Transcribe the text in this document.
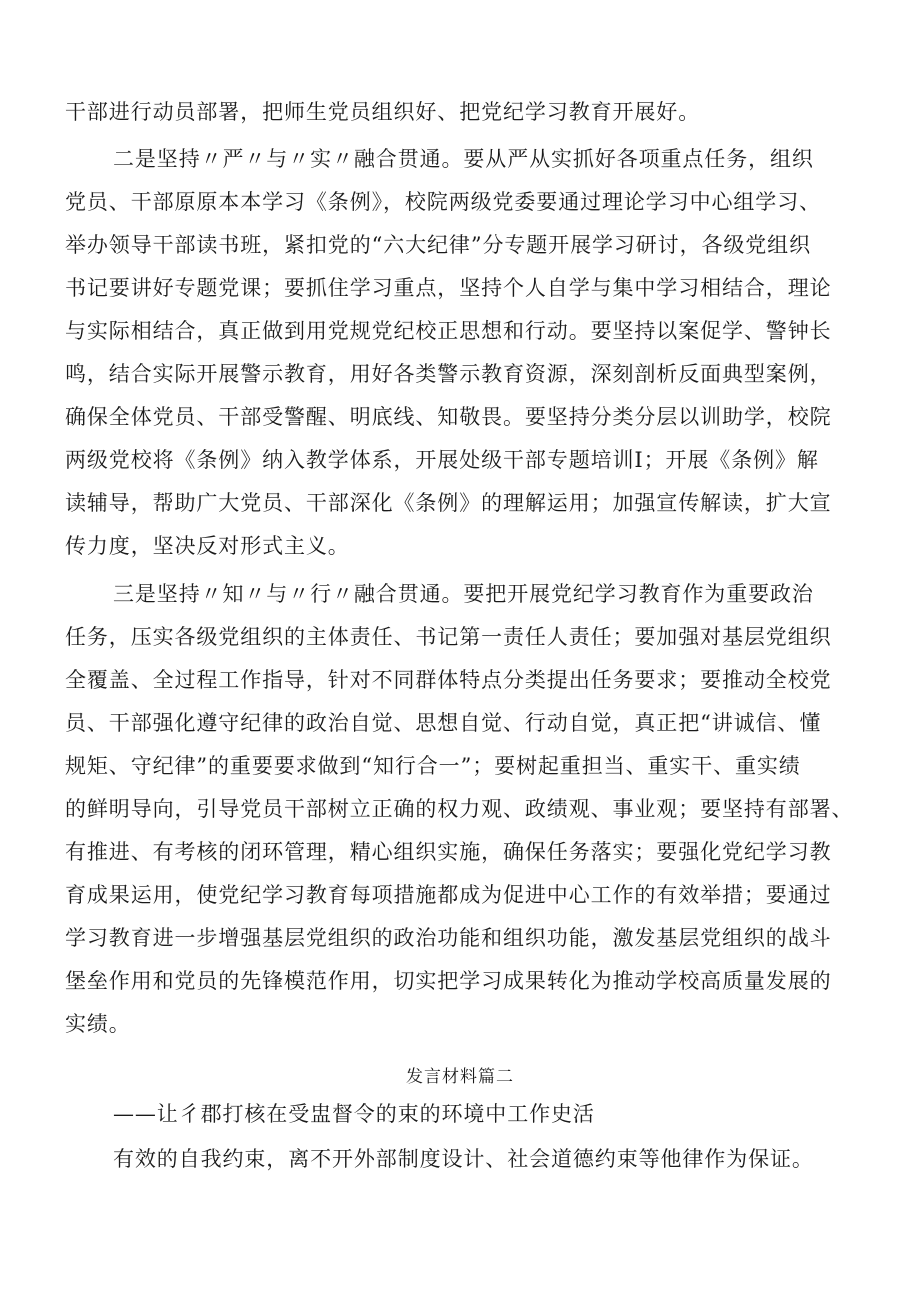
干部进行动员部署，把师生党员组织好、把党纪学习教育开展好。
二是坚持〃严〃与〃实〃融合贯通。要从严从实抓好各项重点任务，组织
党员、干部原原本本学习《条例》，校院两级党委要通过理论学习中心组学习、
举办领导干部读书班，紧扣党的“六大纪律”分专题开展学习研讨，各级党组织
书记要讲好专题党课；要抓住学习重点，坚持个人自学与集中学习相结合，理论
与实际相结合，真正做到用党规党纪校正思想和行动。要坚持以案促学、警钟长
鸣，结合实际开展警示教育，用好各类警示教育资源，深刻剖析反面典型案例，
确保全体党员、干部受警醒、明底线、知敬畏。要坚持分类分层以训助学，校院
两级党校将《条例》纳入教学体系，开展处级干部专题培训I；开展《条例》解
读辅导，帮助广大党员、干部深化《条例》的理解运用；加强宣传解读，扩大宣
传力度，坚决反对形式主义。
三是坚持〃知〃与〃行〃融合贯通。要把开展党纪学习教育作为重要政治
任务，压实各级党组织的主体责任、书记第一责任人责任；要加强对基层党组织
全覆盖、全过程工作指导，针对不同群体特点分类提出任务要求；要推动全校党
员、干部强化遵守纪律的政治自觉、思想自觉、行动自觉，真正把“讲诚信、懂
规矩、守纪律”的重要要求做到“知行合一”；要树起重担当、重实干、重实绩
的鲜明导向，引导党员干部树立正确的权力观、政绩观、事业观；要坚持有部署、
有推进、有考核的闭环管理，精心组织实施，确保任务落实；要强化党纪学习教
育成果运用，使党纪学习教育每项措施都成为促进中心工作的有效举措；要通过
学习教育进一步增强基层党组织的政治功能和组织功能，激发基层党组织的战斗
堡垒作用和党员的先锋模范作用，切实把学习成果转化为推动学校高质量发展的
实绩。
发言材料篇二
——让彳郡打核在受盅督令的束的环境中工作史活
有效的自我约束，离不开外部制度设计、社会道德约束等他律作为保证。
